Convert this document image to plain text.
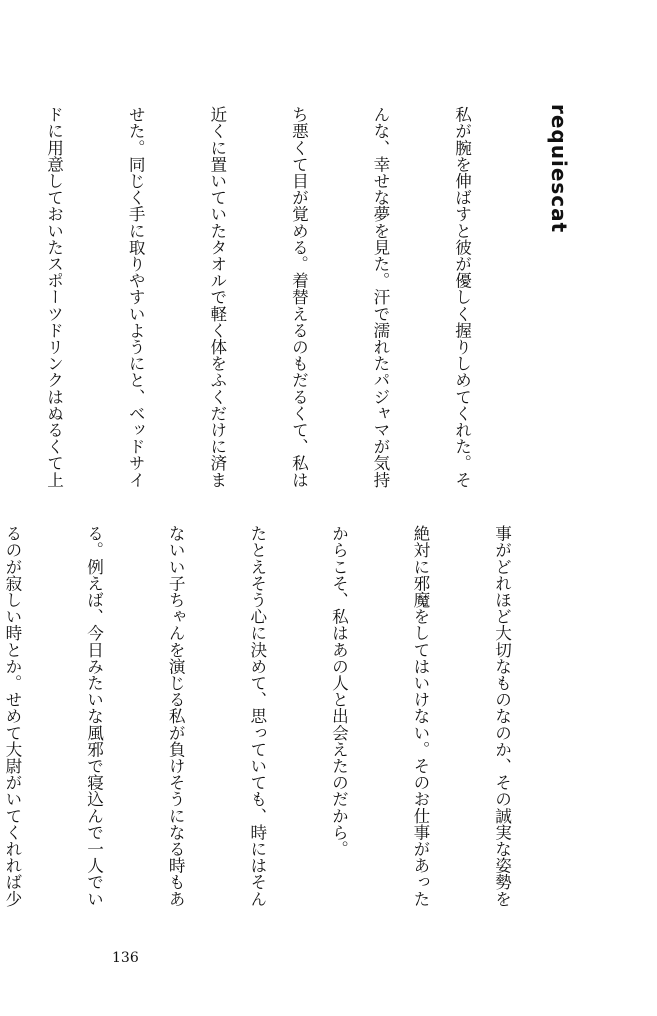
requiescat

私が腕を伸ばすと彼が優しく握りしめてくれた。そ

んな、幸せな夢を見た。汗で濡れたパジャマが気持

ち悪くて目が覚める。着替えるのもだるくて、私は

近くに置いていたタオルで軽く体をふくだけに済ま

せた。同じく手に取りやすいようにと、ベッドサイ

ドに用意しておいたスポーツドリンクはぬるくて上

事がどれほど大切なものなのか、その誠実な姿勢を

絶対に邪魔をしてはいけない。そのお仕事があった

からこそ、私はあの人と出会えたのだから。

たとえそう心に決めて、思っていても、時にはそん

ないい子ちゃんを演じる私が負けそうになる時もあ

る。例えば、今日みたいな風邪で寝込んで一人でい

るのが寂しい時とか。せめて大尉がいてくれれば少

136
